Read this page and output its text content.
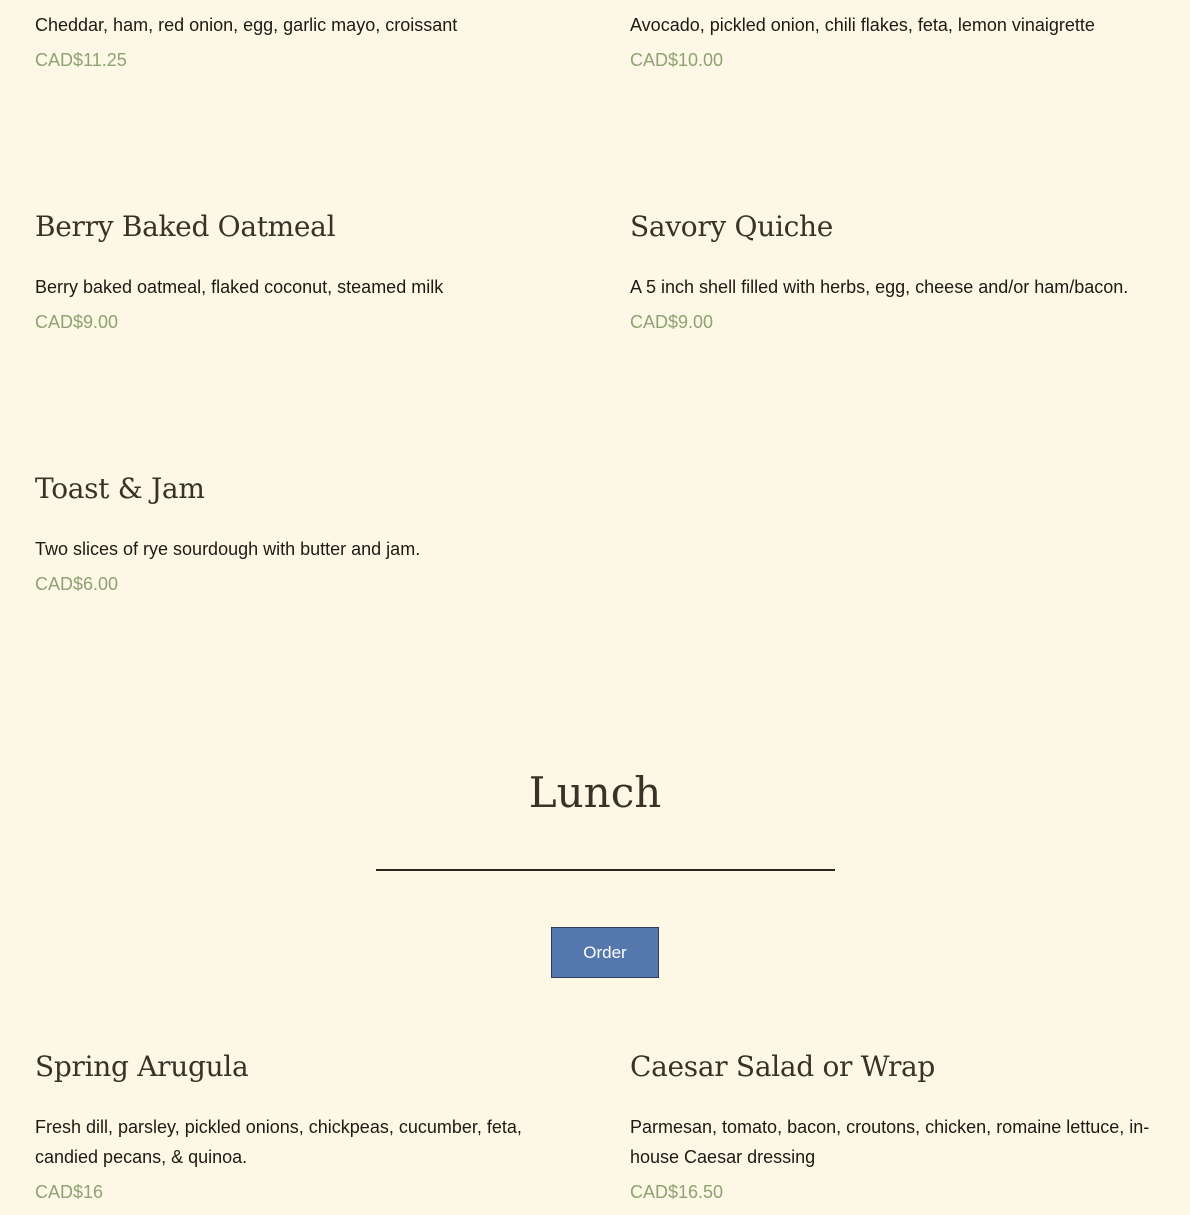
Cheddar, ham, red onion, egg, garlic mayo, croissant

CAD$11.25

Avocado, pickled onion, chili flakes, feta, lemon vinaigrette

CAD$10.00

Berry Baked Oatmeal

Berry baked oatmeal, flaked coconut, steamed milk

CAD$9.00

Savory Quiche

A 5 inch shell filled with herbs, egg, cheese and/or ham/bacon.

CAD$9.00

Toast & Jam

Two slices of rye sourdough with butter and jam.

CAD$6.00

Lunch
Order
Spring Arugula

Fresh dill, parsley, pickled onions, chickpeas, cucumber, feta, candied pecans, & quinoa.

CAD$16

Caesar Salad or Wrap

Parmesan, tomato, bacon, croutons, chicken, romaine lettuce, in-house Caesar dressing

CAD$16.50
